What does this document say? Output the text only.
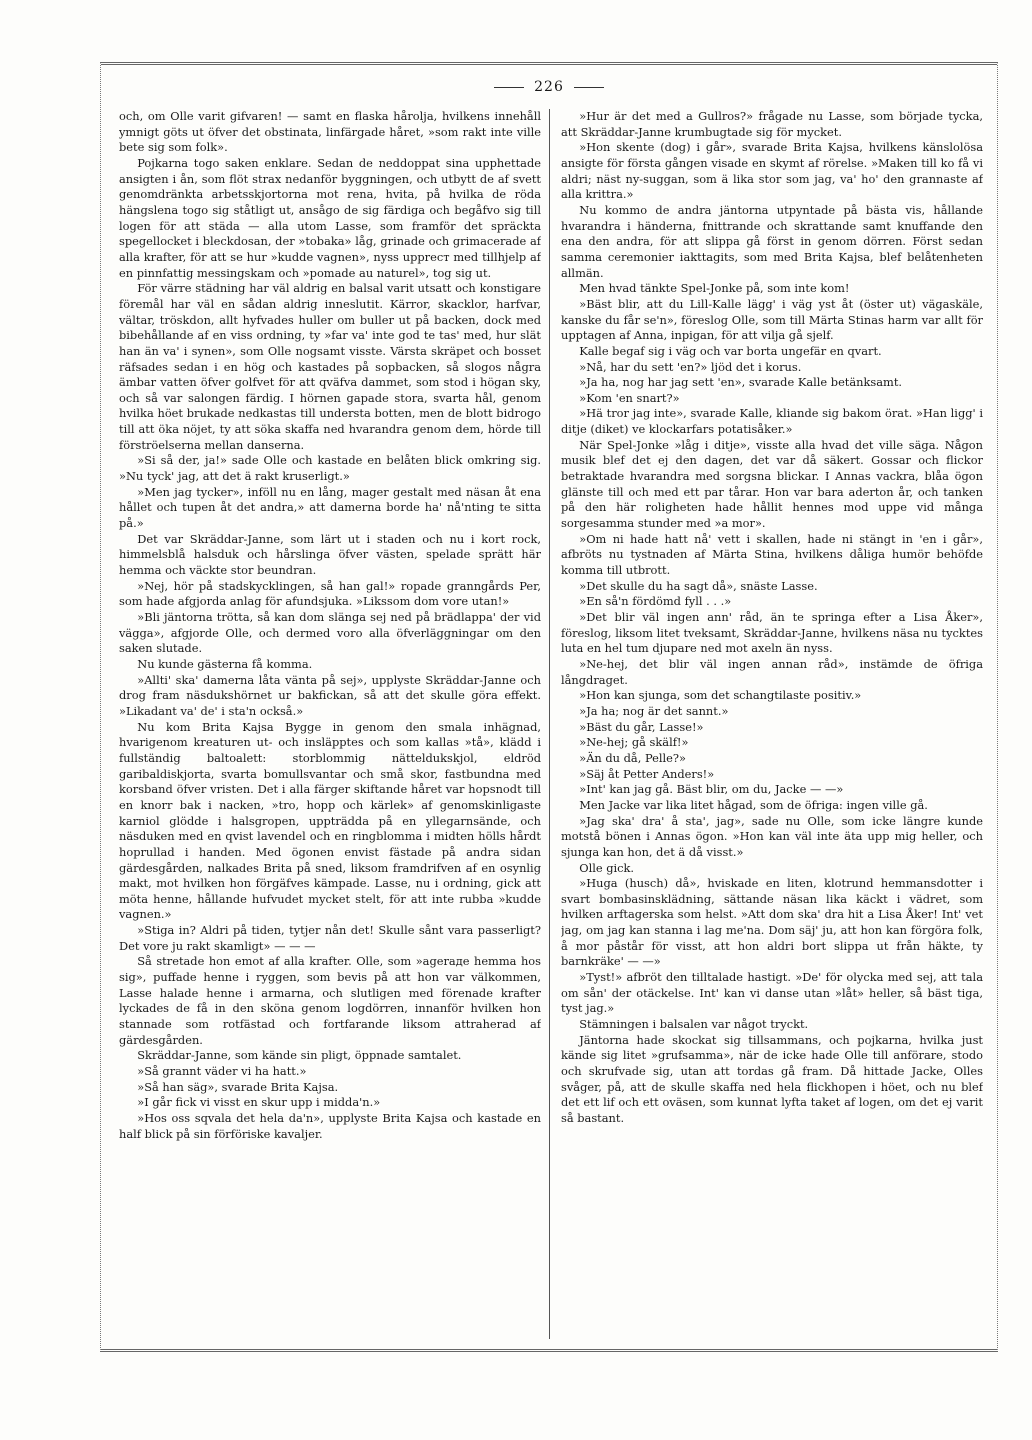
226

och, om Olle varit gifvaren! — samt en flaska hårolja, hvilkens innehåll ymnigt göts ut öfver det obstinata, linfärgade håret, »som rakt inte ville bete sig som folk».

Pojkarna togo saken enklare. Sedan de neddoppat sina upphettade ansigten i ån, som flöt strax nedanför byggningen, och utbytt de af svett genomdränkta arbetsskjortorna mot rena, hvita, på hvilka de röda hängslena togo sig ståtligt ut, ansågo de sig färdiga och begåfvo sig till logen för att städa — alla utom Lasse, som framför det spräckta spegellocket i bleckdosan, der »tobaka» låg, grinade och grimacerade af alla krafter, för att se hur »kudde vagnen», nyss uppreст med tillhjelp af en pinnfattig messingskam och »pomade au naturel», tog sig ut.

För värre städning har väl aldrig en balsal varit utsatt och konstigare föremål har väl en sådan aldrig inneslutit. Kärror, skacklor, harfvar, vältar, tröskdon, allt hyfvades huller om buller ut på backen, dock med bibehållande af en viss ordning, ty »far va' inte god te tas' med, hur slät han än va' i synen», som Olle nogsamt visste. Värsta skräpet och bosset räfsades sedan i en hög och kastades på sopbacken, så slogos några ämbar vatten öfver golfvet för att qväfva dammet, som stod i högan sky, och så var salongen färdig. I hörnen gapade stora, svarta hål, genom hvilka höet brukade nedkastas till understa botten, men de blott bidrogo till att öka nöjet, ty att söka skaffa ned hvarandra genom dem, hörde till förströelserna mellan danserna.

»Si så der, ja!» sade Olle och kastade en belåten blick omkring sig. »Nu tyck' jag, att det ä rakt kruserligt.»

»Men jag tycker», inföll nu en lång, mager gestalt med näsan åt ena hållet och tupen åt det andra,» att damerna borde ha' nå'nting te sitta på.»

Det var Skräddar-Janne, som lärt ut i staden och nu i kort rock, himmelsblå halsduk och hårslinga öfver västen, spelade sprätt här hemma och väckte stor beundran.

»Nej, hör på stadskycklingen, så han gal!» ropade granngårds Per, som hade afgjorda anlag för afundsjuka. »Likssom dom vore utan!»

»Bli jäntorna trötta, så kan dom slänga sej ned på brädlappa' der vid vägga», afgjorde Olle, och dermed voro alla öfverläggningar om den saken slutade.

Nu kunde gästerna få komma.

»Allti' ska' damerna låta vänta på sej», upplyste Skräddar-Janne och drog fram näsdukshörnet ur bakfickan, så att det skulle göra effekt. »Likadant va' de' i sta'n också.»

Nu kom Brita Kajsa Bygge in genom den smala inhägnad, hvarigenom kreaturen ut- och insläpptes och som kallas »tå», klädd i fullständig baltoalett: storblommig nätteldukskjol, eldröd garibaldiskjorta, svarta bomullsvantar och små skor, fastbundna med korsband öfver vristen. Det i alla färger skiftande håret var hopsnodt till en knorr bak i nacken, »tro, hopp och kärlek» af genomskinligaste karniol glödde i halsgropen, uppträdda på en yllegarnsände, och näsduken med en qvist lavendel och en ringblomma i midten hölls hårdt hoprullad i handen. Med ögonen envist fästade på andra sidan gärdesgården, nalkades Brita på sned, liksom framdrifven af en osynlig makt, mot hvilken hon förgäfves kämpade. Lasse, nu i ordning, gick att möta henne, hållande hufvudet mycket stelt, för att inte rubba »kudde vagnen.»

»Stiga in? Aldri på tiden, tytjer nån det! Skulle sånt vara passerligt? Det vore ju rakt skamligt» — — —

Så stretade hon emot af alla krafter. Olle, som »ageraде hemma hos sig», puffade henne i ryggen, som bevis på att hon var välkommen, Lasse halade henne i armarna, och slutligen med förenade krafter lyckades de få in den sköna genom logdörren, innanför hvilken hon stannade som rotfästad och fortfarande liksom attraherad af gärdesgården.

Skräddar-Janne, som kände sin pligt, öppnade samtalet.

»Så grannt väder vi ha hatt.»

»Så han säg», svarade Brita Kajsa.

»I går fick vi visst en skur upp i midda'n.»

»Hos oss sqvala det hela da'n», upplyste Brita Kajsa och kastade en half blick på sin förföriske kavaljer.

»Hur är det med a Gullros?» frågade nu Lasse, som började tycka, att Skräddar-Janne krumbugtade sig för mycket.

»Hon skente (dog) i går», svarade Brita Kajsa, hvilkens känslolösa ansigte för första gången visade en skymt af rörelse. »Maken till ko få vi aldri; näst ny-suggan, som ä lika stor som jag, va' ho' den grannaste af alla krittra.»

Nu kommo de andra jäntorna utpyntade på bästa vis, hållande hvarandra i händerna, fnittrande och skrattande samt knuffande den ena den andra, för att slippa gå först in genom dörren. Först sedan samma ceremonier iakttagits, som med Brita Kajsa, blef belåtenheten allmän.

Men hvad tänkte Spel-Jonke på, som inte kom!

»Bäst blir, att du Lill-Kalle lägg' i väg yst åt (öster ut) vägaskäle, kanske du får se'n», föreslog Olle, som till Märta Stinas harm var allt för upptagen af Anna, inpigan, för att vilja gå sjelf.

Kalle begaf sig i väg och var borta ungefär en qvart.

»Nå, har du sett 'en?» ljöd det i korus.

»Ja ha, nog har jag sett 'en», svarade Kalle betänksamt.

»Kom 'en snart?»

»Hä tror jag inte», svarade Kalle, kliande sig bakom örat. »Han ligg' i ditje (diket) ve klockarfars potatisåker.»

När Spel-Jonke »låg i ditje», visste alla hvad det ville säga. Någon musik blef det ej den dagen, det var då säkert. Gossar och flickor betraktade hvarandra med sorgsna blickar. I Annas vackra, blåa ögon glänste till och med ett par tårar. Hon var bara aderton år, och tanken på den här roligheten hade hållit hennes mod uppe vid många sorgesamma stunder med »a mor».

»Om ni hade hatt nå' vett i skallen, hade ni stängt in 'en i går», afbröts nu tystnaden af Märta Stina, hvilkens dåliga humör behöfde komma till utbrott.

»Det skulle du ha sagt då», snäste Lasse.

»En så'n fördömd fyll . . .»

»Det blir väl ingen ann' råd, än te springa efter a Lisa Åker», föreslog, liksom litet tveksamt, Skräddar-Janne, hvilkens näsa nu tycktes luta en hel tum djupare ned mot axeln än nyss.

»Ne-hej, det blir väl ingen annan råd», instämde de öfriga långdraget.

»Hon kan sjunga, som det schangtilaste positiv.»

»Ja ha; nog är det sannt.»

»Bäst du går, Lasse!»

»Ne-hej; gå skälf!»

»Än du då, Pelle?»

»Säj åt Petter Anders!»

»Int' kan jag gå. Bäst blir, om du, Jacke — —»

Men Jacke var lika litet hågad, som de öfriga: ingen ville gå.

»Jag ska' dra' å sta', jag», sade nu Olle, som icke längre kunde motstå bönen i Annas ögon. »Hon kan väl inte äta upp mig heller, och sjunga kan hon, det ä då visst.»

Olle gick.

»Huga (husch) då», hviskade en liten, klotrund hemmansdotter i svart bombasinsklädning, sättande näsan lika käckt i vädret, som hvilken arftagerska som helst. »Att dom ska' dra hit a Lisa Åker! Int' vet jag, om jag kan stanna i lag me'na. Dom säj' ju, att hon kan förgöra folk, å mor påstår för visst, att hon aldri bort slippa ut från häkte, ty barnkräke' — —»

»Tyst!» afbröt den tilltalade hastigt. »De' för olycka med sej, att tala om sån' der otäckelse. Int' kan vi danse utan »låt» heller, så bäst tiga, tyst jag.»

Stämningen i balsalen var något tryckt.

Jäntorna hade skockat sig tillsammans, och pojkarna, hvilka just kände sig litet »grufsamma», när de icke hade Olle till anförare, stodo och skrufvade sig, utan att tordas gå fram. Då hittade Jacke, Olles svåger, på, att de skulle skaffa ned hela flickhopen i höet, och nu blef det ett lif och ett oväsen, som kunnat lyfta taket af logen, om det ej varit så bastant.
